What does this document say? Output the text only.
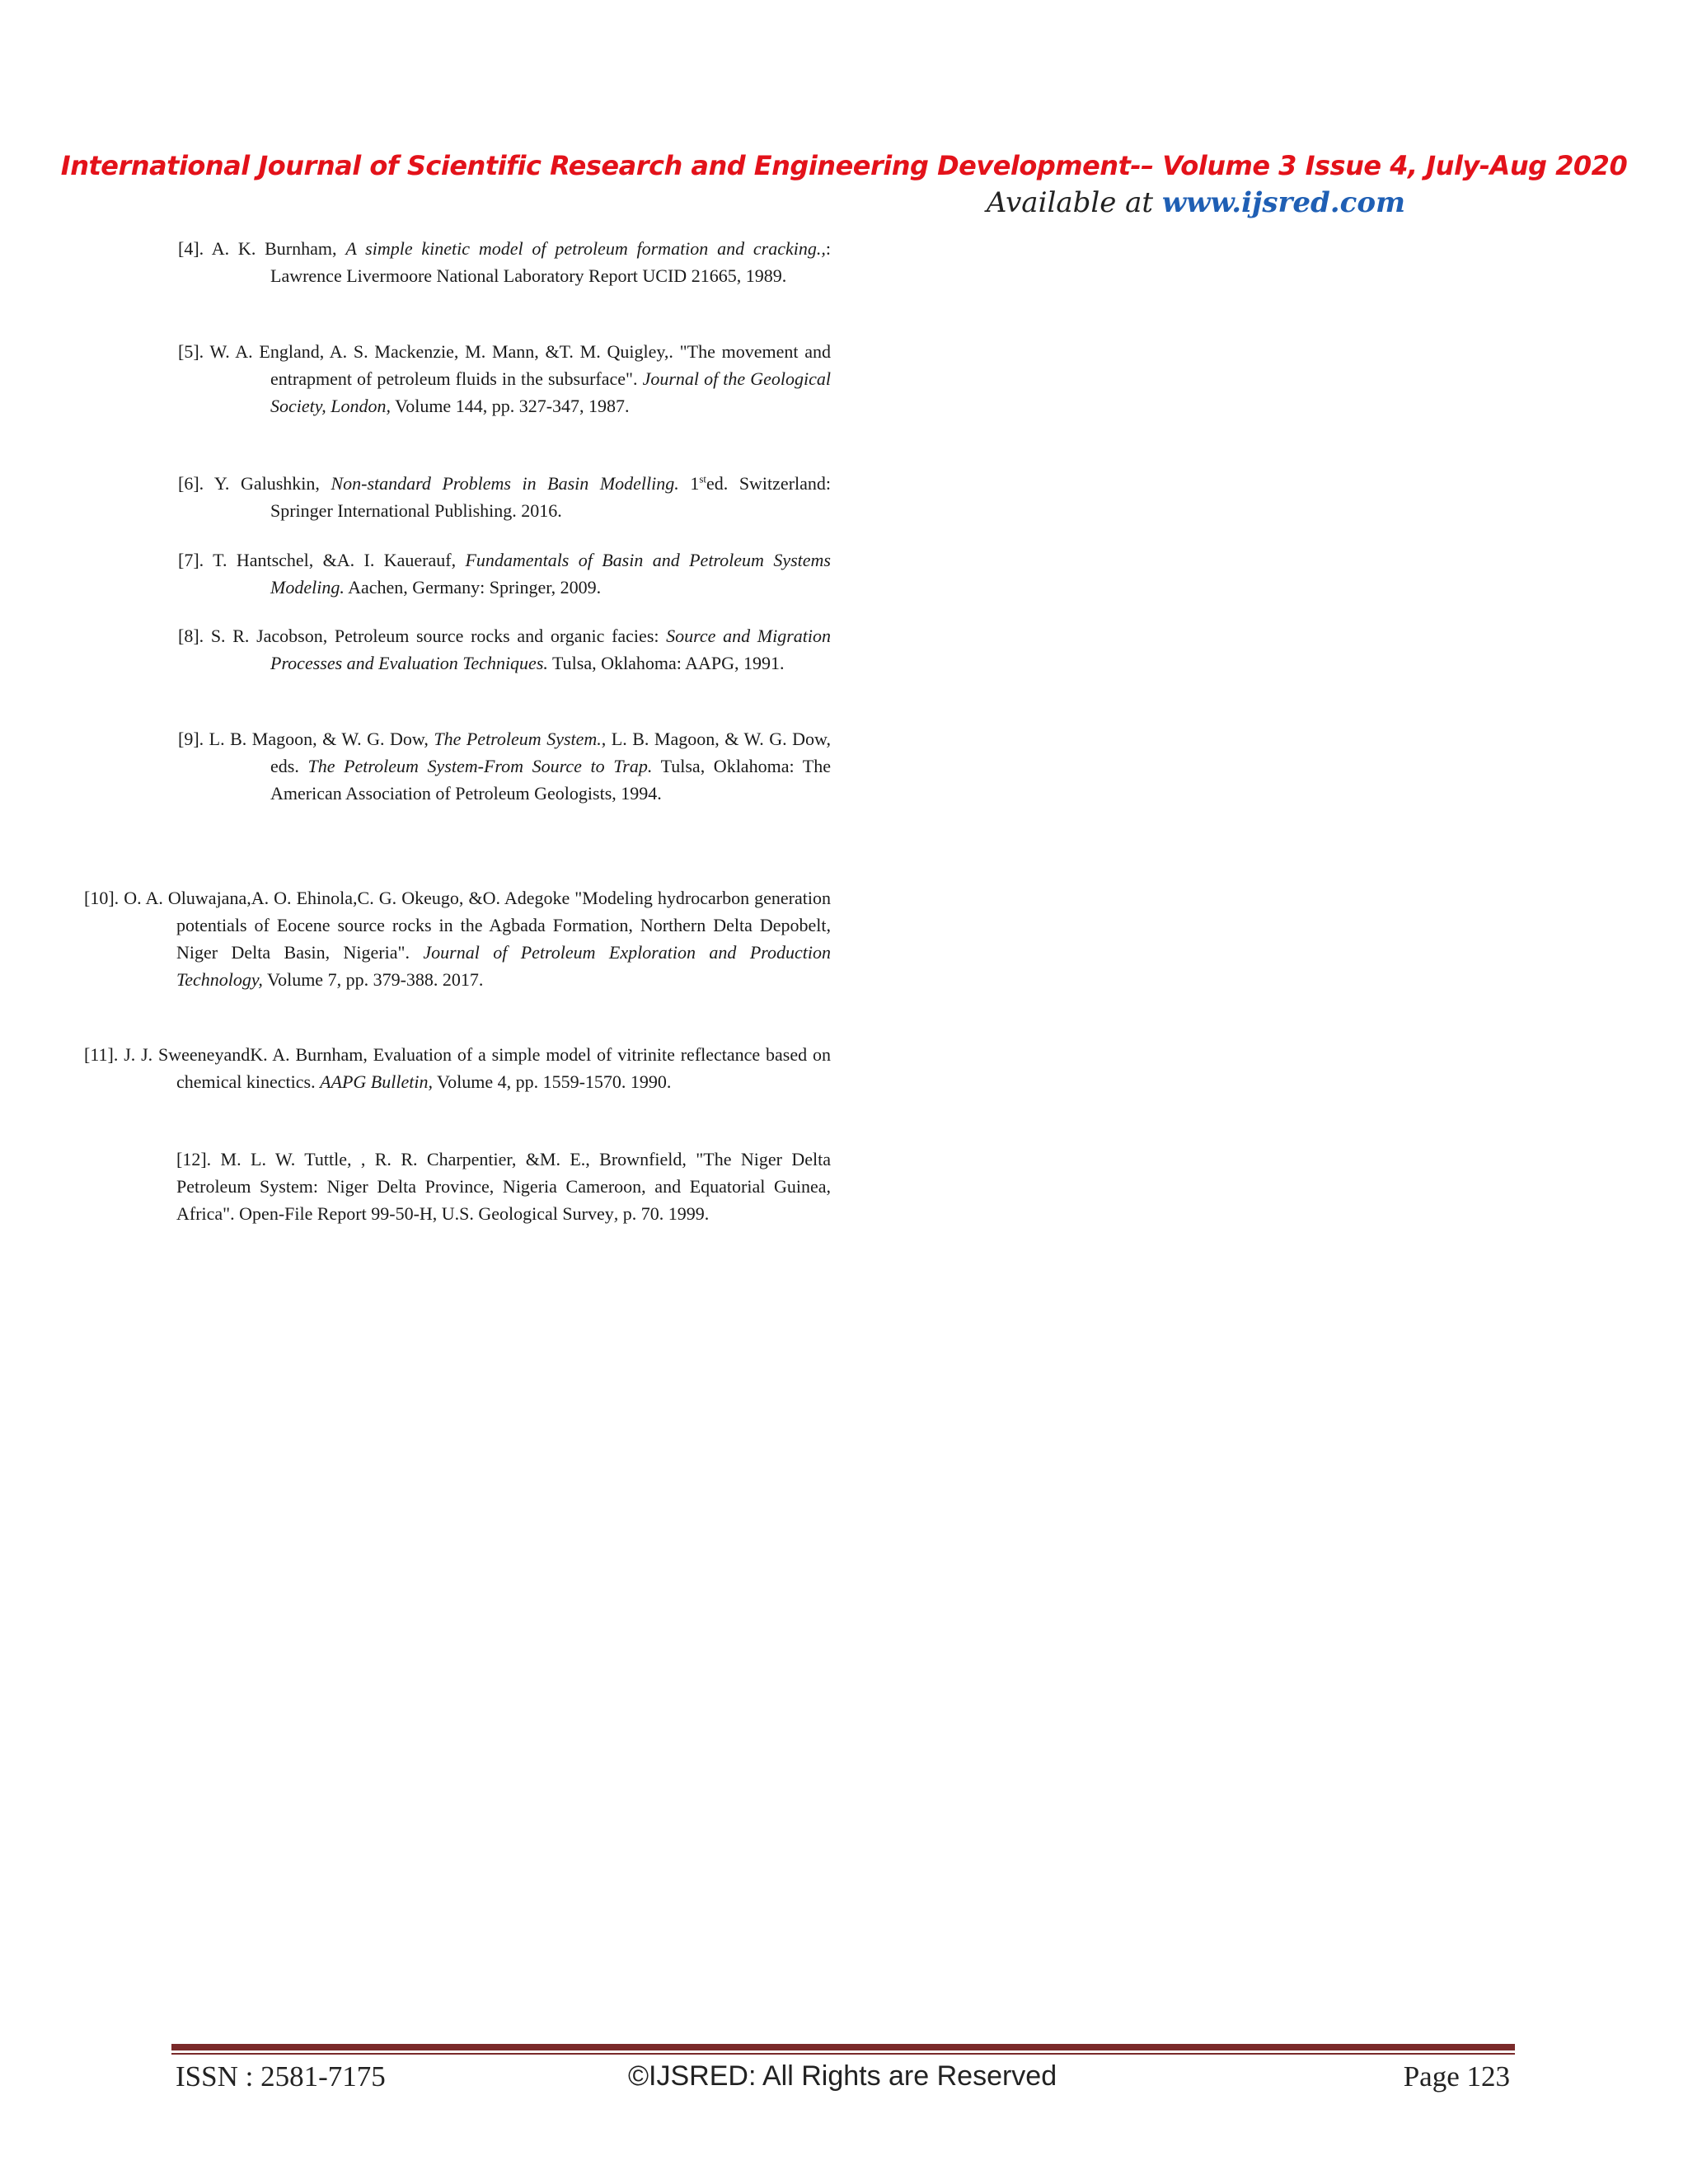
International Journal of Scientific Research and Engineering Development-– Volume 3 Issue 4, July-Aug 2020
Available at www.ijsred.com
[4]. A. K. Burnham, A simple kinetic model of petroleum formation and cracking.,: Lawrence Livermoore National Laboratory Report UCID 21665, 1989.
[5]. W. A. England, A. S. Mackenzie, M. Mann, &T. M. Quigley,. "The movement and entrapment of petroleum fluids in the subsurface". Journal of the Geological Society, London, Volume 144, pp. 327-347, 1987.
[6]. Y. Galushkin, Non-standard Problems in Basin Modelling. 1sted. Switzerland: Springer International Publishing. 2016.
[7]. T. Hantschel, &A. I. Kauerauf, Fundamentals of Basin and Petroleum Systems Modeling. Aachen, Germany: Springer, 2009.
[8]. S. R. Jacobson, Petroleum source rocks and organic facies: Source and Migration Processes and Evaluation Techniques. Tulsa, Oklahoma: AAPG, 1991.
[9]. L. B. Magoon, & W. G. Dow, The Petroleum System., L. B. Magoon, & W. G. Dow, eds. The Petroleum System-From Source to Trap. Tulsa, Oklahoma: The American Association of Petroleum Geologists, 1994.
[10]. O. A. Oluwajana,A. O. Ehinola,C. G. Okeugo, &O. Adegoke "Modeling hydrocarbon generation potentials of Eocene source rocks in the Agbada Formation, Northern Delta Depobelt, Niger Delta Basin, Nigeria". Journal of Petroleum Exploration and Production Technology, Volume 7, pp. 379-388. 2017.
[11]. J. J. SweeneyandK. A. Burnham, Evaluation of a simple model of vitrinite reflectance based on chemical kinectics. AAPG Bulletin, Volume 4, pp. 1559-1570. 1990.
[12]. M. L. W. Tuttle, , R. R. Charpentier, &M. E., Brownfield, "The Niger Delta Petroleum System: Niger Delta Province, Nigeria Cameroon, and Equatorial Guinea, Africa". Open-File Report 99-50-H, U.S. Geological Survey, p. 70. 1999.
ISSN : 2581-7175	©IJSRED: All Rights are Reserved	Page 123
